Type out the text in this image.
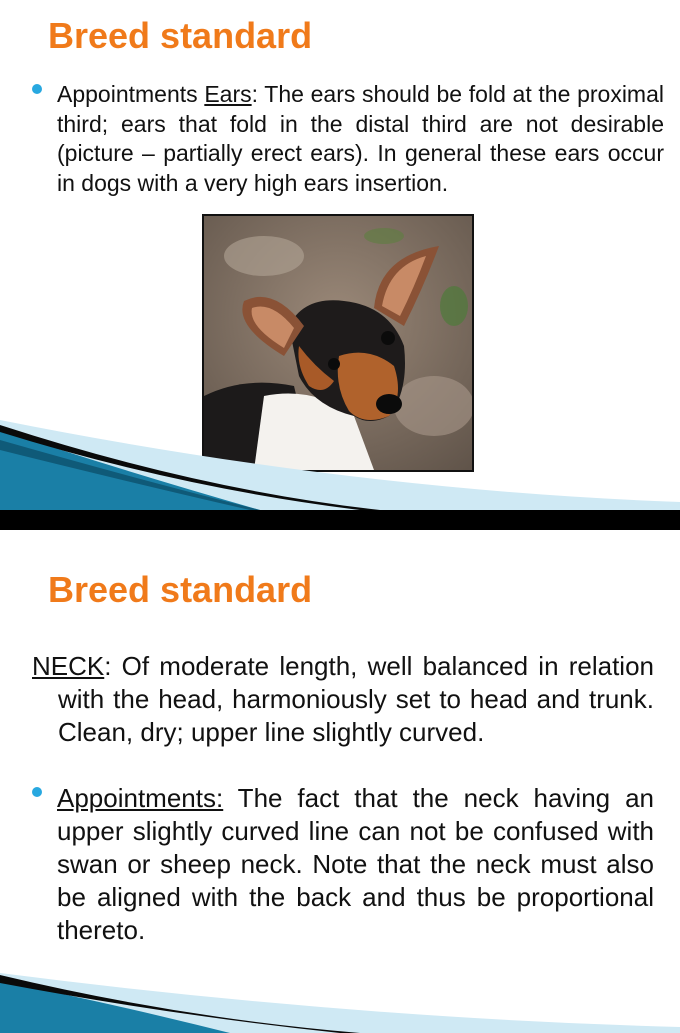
Breed standard

Appointments Ears: The ears should be fold at the proximal third; ears that fold in the distal third are not desirable (picture – partially erect ears). In general these ears occur in dogs with a very high ears insertion.

Breed standard

NECK: Of moderate length, well balanced in relation with the head, harmoniously set to head and trunk. Clean, dry; upper line slightly curved.

Appointments: The fact that the neck having an upper slightly curved line can not be confused with swan or sheep neck. Note that the neck must also be aligned with the back and thus be proportional thereto.
